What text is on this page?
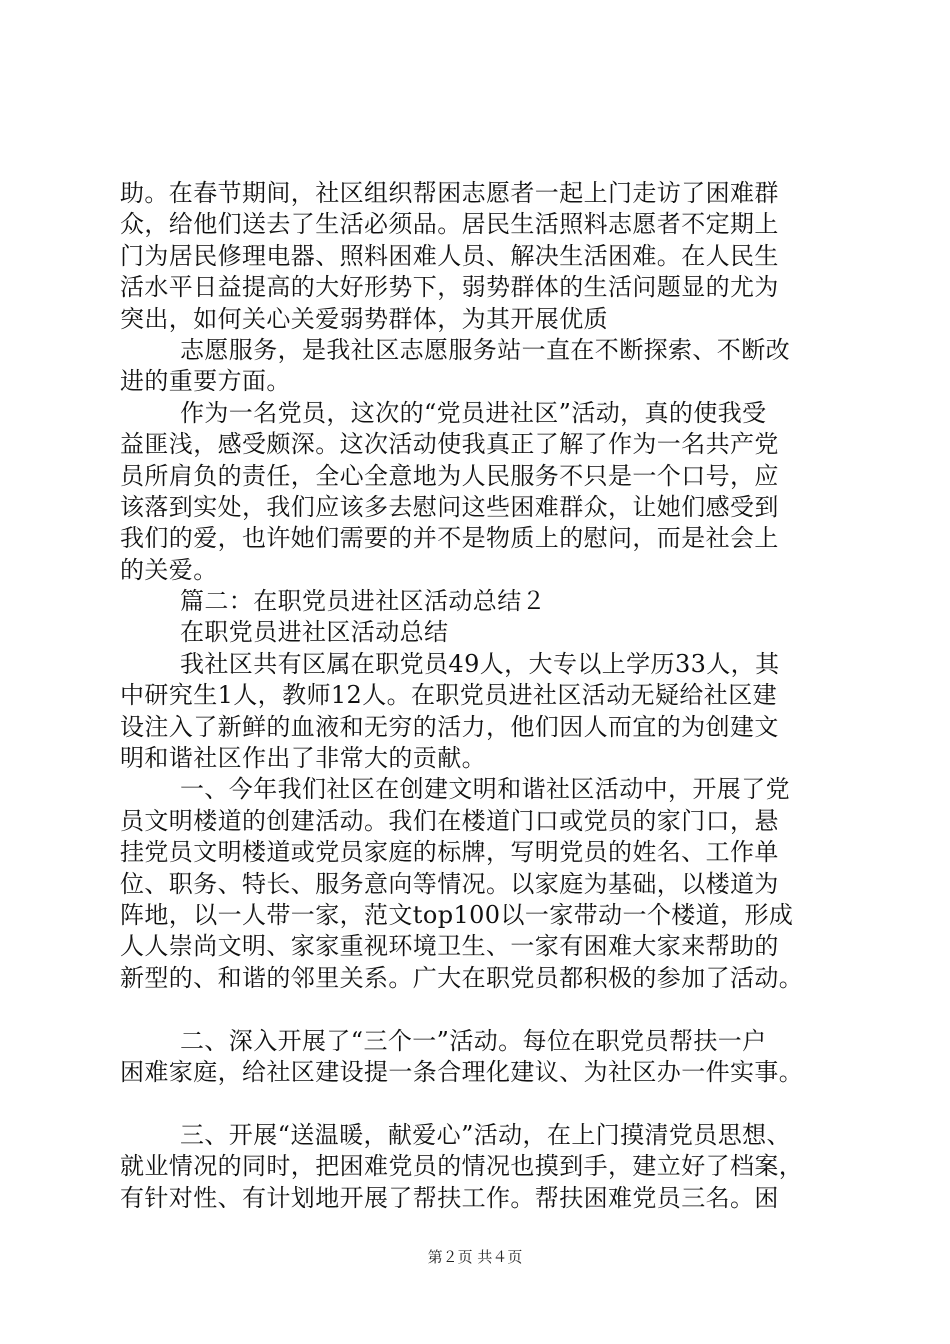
助。在春节期间，社区组织帮困志愿者一起上门走访了困难群
众，给他们送去了生活必须品。居民生活照料志愿者不定期上
门为居民修理电器、照料困难人员、解决生活困难。在人民生
活水平日益提高的大好形势下，弱势群体的生活问题显的尤为
突出，如何关心关爱弱势群体，为其开展优质
志愿服务，是我社区志愿服务站一直在不断探索、不断改
进的重要方面。
作为一名党员，这次的“党员进社区”活动，真的使我受
益匪浅，感受颇深。这次活动使我真正了解了作为一名共产党
员所肩负的责任，全心全意地为人民服务不只是一个口号，应
该落到实处，我们应该多去慰问这些困难群众，让她们感受到
我们的爱，也许她们需要的并不是物质上的慰问，而是社会上
的关爱。
篇二：在职党员进社区活动总结２
在职党员进社区活动总结
我社区共有区属在职党员49人，大专以上学历33人，其
中研究生1人，教师12人。在职党员进社区活动无疑给社区建
设注入了新鲜的血液和无穷的活力，他们因人而宜的为创建文
明和谐社区作出了非常大的贡献。
一、今年我们社区在创建文明和谐社区活动中，开展了党
员文明楼道的创建活动。我们在楼道门口或党员的家门口，悬
挂党员文明楼道或党员家庭的标牌，写明党员的姓名、工作单
位、职务、特长、服务意向等情况。以家庭为基础，以楼道为
阵地，以一人带一家，范文top100以一家带动一个楼道，形成
人人崇尚文明、家家重视环境卫生、一家有困难大家来帮助的
新型的、和谐的邻里关系。广大在职党员都积极的参加了活动。
二、深入开展了“三个一”活动。每位在职党员帮扶一户
困难家庭，给社区建设提一条合理化建议、为社区办一件实事。
三、开展“送温暖，献爱心”活动，在上门摸清党员思想、
就业情况的同时，把困难党员的情况也摸到手，建立好了档案，
有针对性、有计划地开展了帮扶工作。帮扶困难党员三名。困
第２页 共４页
